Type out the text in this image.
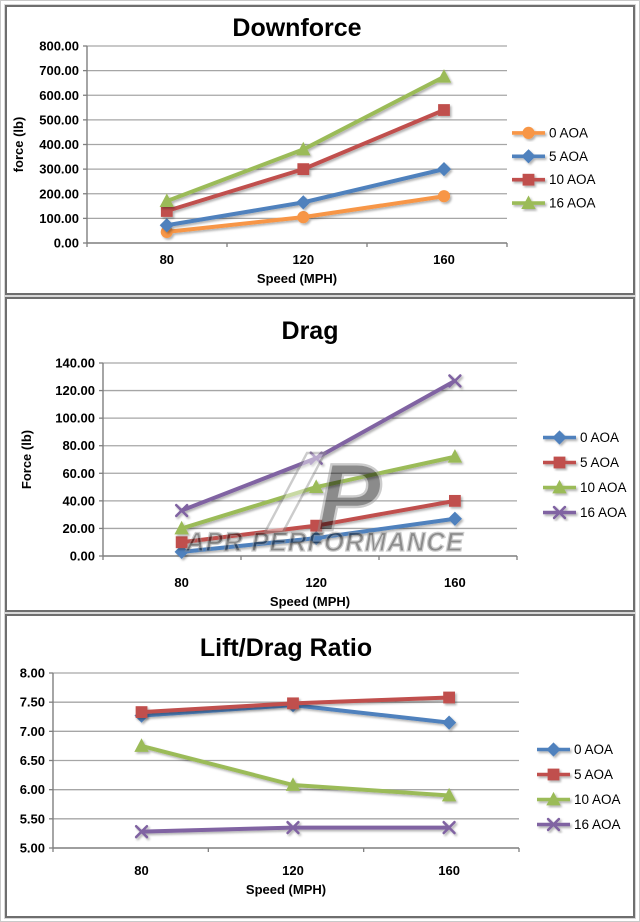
Downforce
0.00
100.00
200.00
300.00
400.00
500.00
600.00
700.00
800.00
80	120	160
Speed (MPH)
force (lb)	0 AOA
5 AOA
10 AOA
16 AOA
Drag
0.00
20.00
40.00
60.00
80.00
100.00
120.00
140.00
80	120	160
Speed (MPH)
Force (lb)	P
APR PERFORMANCE
0 AOA
5 AOA
10 AOA
16 AOA
Lift/Drag Ratio
5.00
5.50
6.00
6.50
7.00
7.50
8.00
80	120	160
Speed (MPH)
0 AOA
5 AOA
10 AOA
16 AOA
